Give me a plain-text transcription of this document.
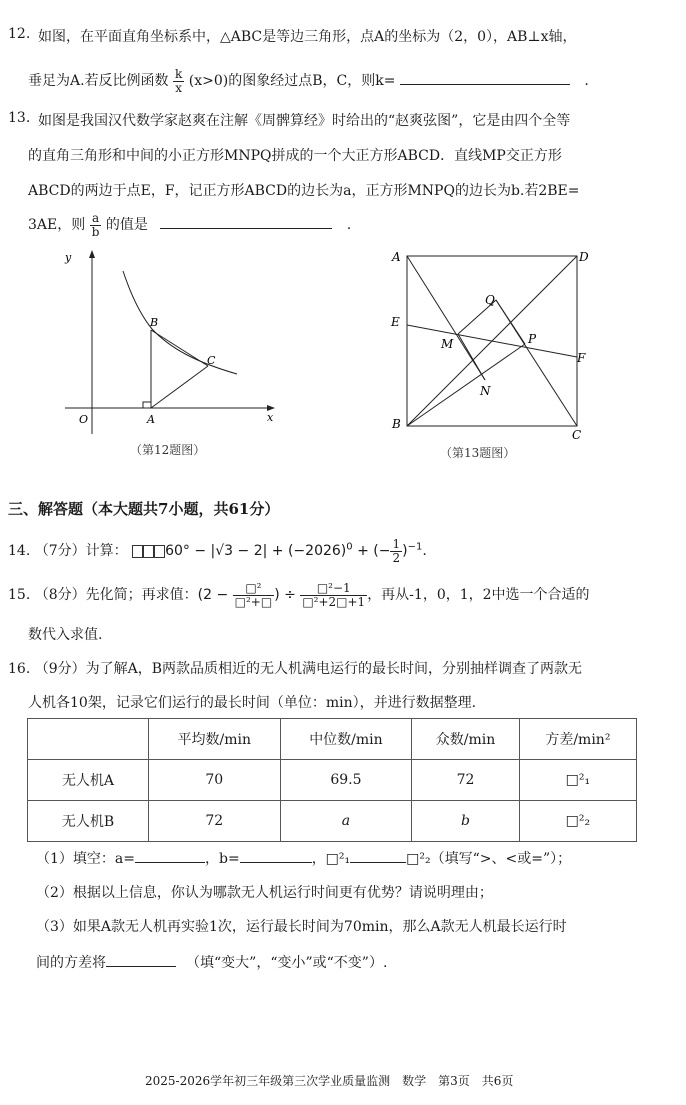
12. 如图，在平面直角坐标系中，△ABC是等边三角形，点A的坐标为（2，0），AB⊥x轴，
垂足为A.若反比例函数 $\frac{k}{x} (x>0)$的图象经过点B，C，则k=	.
13. 如图是我国汉代数学家赵爽在注解《周髀算经》时给出的“赵爽弦图”，它是由四个全等
的直角三角形和中间的小正方形MNPQ拼成的一个大正方形ABCD．直线MP交正方形
ABCD的两边于点E，F，记正方形ABCD的边长为a，正方形MNPQ的边长为b.若2BE=
3AE，则 $\frac{a}{b}$ 的值是	.
y
x
O	A
B
C
（第12题图）
A
B
C
D
E
F
M
N
P
Q
（第13题图）
三、解答题（本大题共7小题，共61分）
14. （7分）计算：	$60^\circ - |√3 - 2| + (-2026)^0$ + (− $\frac{1}{2} )^{-1}$.
15. （8分）先化简；再求值：($2 - \frac{\text{□²}}{\text{□²+□}}$ ) ÷ $\frac{\text{□²−1}}{\text{□²+2□+1}}$ ，再从-1，0，1，2中选一个合适的
数代入求值.
16. （9分）为了解A，B两款品质相近的无人机满电运行的最长时间，分别抽样调查了两款无
人机各10架，记录它们运行的最长时间（单位：min），并进行数据整理.
	平均数/min	中位数/min	众数/min	方差/min²
无人机A	70	69.5	72	□²₁
无人机B	72	a	b	□²₂
（1）填空：a=	，b=	，□²₁	□²₂（填写“>、<或=”）；
（2）根据以上信息，你认为哪款无人机运行时间更有优势？请说明理由；
（3）如果A款无人机再实验1次，运行最长时间为70min，那么A款无人机最长运行时
间的方差将	（填“变大”，“变小”或“不变”）.
2025-2026学年初三年级第三次学业质量监测　数学　第3页　共6页
